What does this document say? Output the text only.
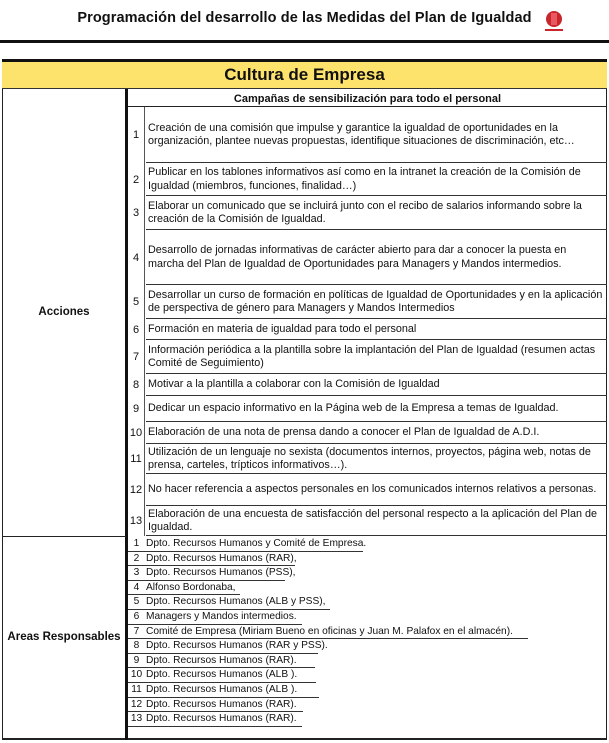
Programación del desarrollo de las Medidas del Plan de Igualdad
Cultura de Empresa
Acciones
Areas Responsables
Campañas de sensibilización para todo el personal
1
Creación de una comisión que impulse y garantice la igualdad de oportunidades en la organización, plantee nuevas propuestas, identifique situaciones de discriminación, etc…
2
Publicar en los tablones informativos así como en la intranet la creación de la Comisión de Igualdad (miembros, funciones, finalidad…)
3
Elaborar un comunicado que se incluirá junto con el recibo de salarios informando sobre la creación de la Comisión de Igualdad.
4
Desarrollo de jornadas informativas de carácter abierto para dar a conocer la puesta en marcha del Plan de Igualdad de Oportunidades para Managers y Mandos intermedios.
5
Desarrollar un curso de formación en políticas de Igualdad de Oportunidades y en la aplicación de perspectiva de género para Managers y Mandos Intermedios
6 Formación en materia de igualdad para todo el personal
7
Información periódica a la plantilla sobre la implantación del Plan de Igualdad (resumen actas Comité de Seguimiento)
8 Motivar a la plantilla a colaborar con la Comisión de Igualdad
9 Dedicar un espacio informativo en la Página web de la Empresa a temas de Igualdad.
10 Elaboración de una nota de prensa dando a conocer el Plan de Igualdad de A.D.I.
11
Utilización de un lenguaje no sexista (documentos internos, proyectos, página web, notas de prensa, carteles, trípticos informativos…).
12 No hacer referencia a aspectos personales en los comunicados internos relativos a personas.
13
Elaboración de una encuesta de satisfacción del personal respecto a la aplicación del Plan de Igualdad.
1 Dpto. Recursos Humanos y Comité de Empresa.
2 Dpto. Recursos Humanos (RAR),
3 Dpto. Recursos Humanos (PSS),
4 Alfonso Bordonaba,
5 Dpto. Recursos Humanos (ALB y PSS),
6 Managers y Mandos intermedios.
7 Comité de Empresa (Miriam Bueno en oficinas y Juan M. Palafox en el almacén).
8 Dpto. Recursos Humanos (RAR y PSS).
9 Dpto. Recursos Humanos (RAR).
10 Dpto. Recursos Humanos (ALB ).
11 Dpto. Recursos Humanos (ALB ).
12 Dpto. Recursos Humanos (RAR).
13 Dpto. Recursos Humanos (RAR).
